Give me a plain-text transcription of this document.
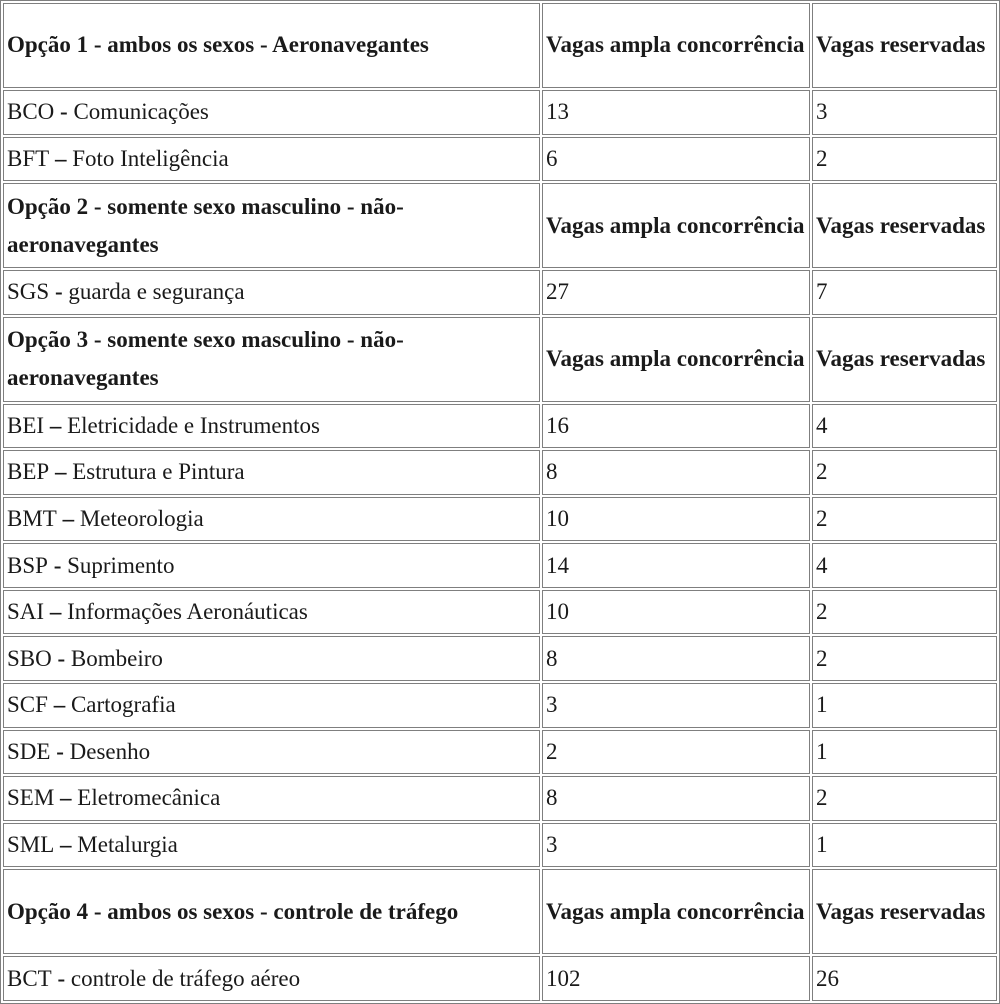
Opção 1 - ambos os sexos - Aeronavegantes	Vagas ampla concorrência	Vagas reservadas
BCO - Comunicações	13	3
BFT – Foto Inteligência	6	2
Opção 2 - somente sexo masculino - não-aeronavegantes	Vagas ampla concorrência	Vagas reservadas
SGS - guarda e segurança	27	7
Opção 3 - somente sexo masculino - não-aeronavegantes	Vagas ampla concorrência	Vagas reservadas
BEI – Eletricidade e Instrumentos	16	4
BEP – Estrutura e Pintura	8	2
BMT – Meteorologia	10	2
BSP - Suprimento	14	4
SAI – Informações Aeronáuticas	10	2
SBO - Bombeiro	8	2
SCF – Cartografia	3	1
SDE - Desenho	2	1
SEM – Eletromecânica	8	2
SML – Metalurgia	3	1
Opção 4 - ambos os sexos - controle de tráfego	Vagas ampla concorrência	Vagas reservadas
BCT - controle de tráfego aéreo	102	26
